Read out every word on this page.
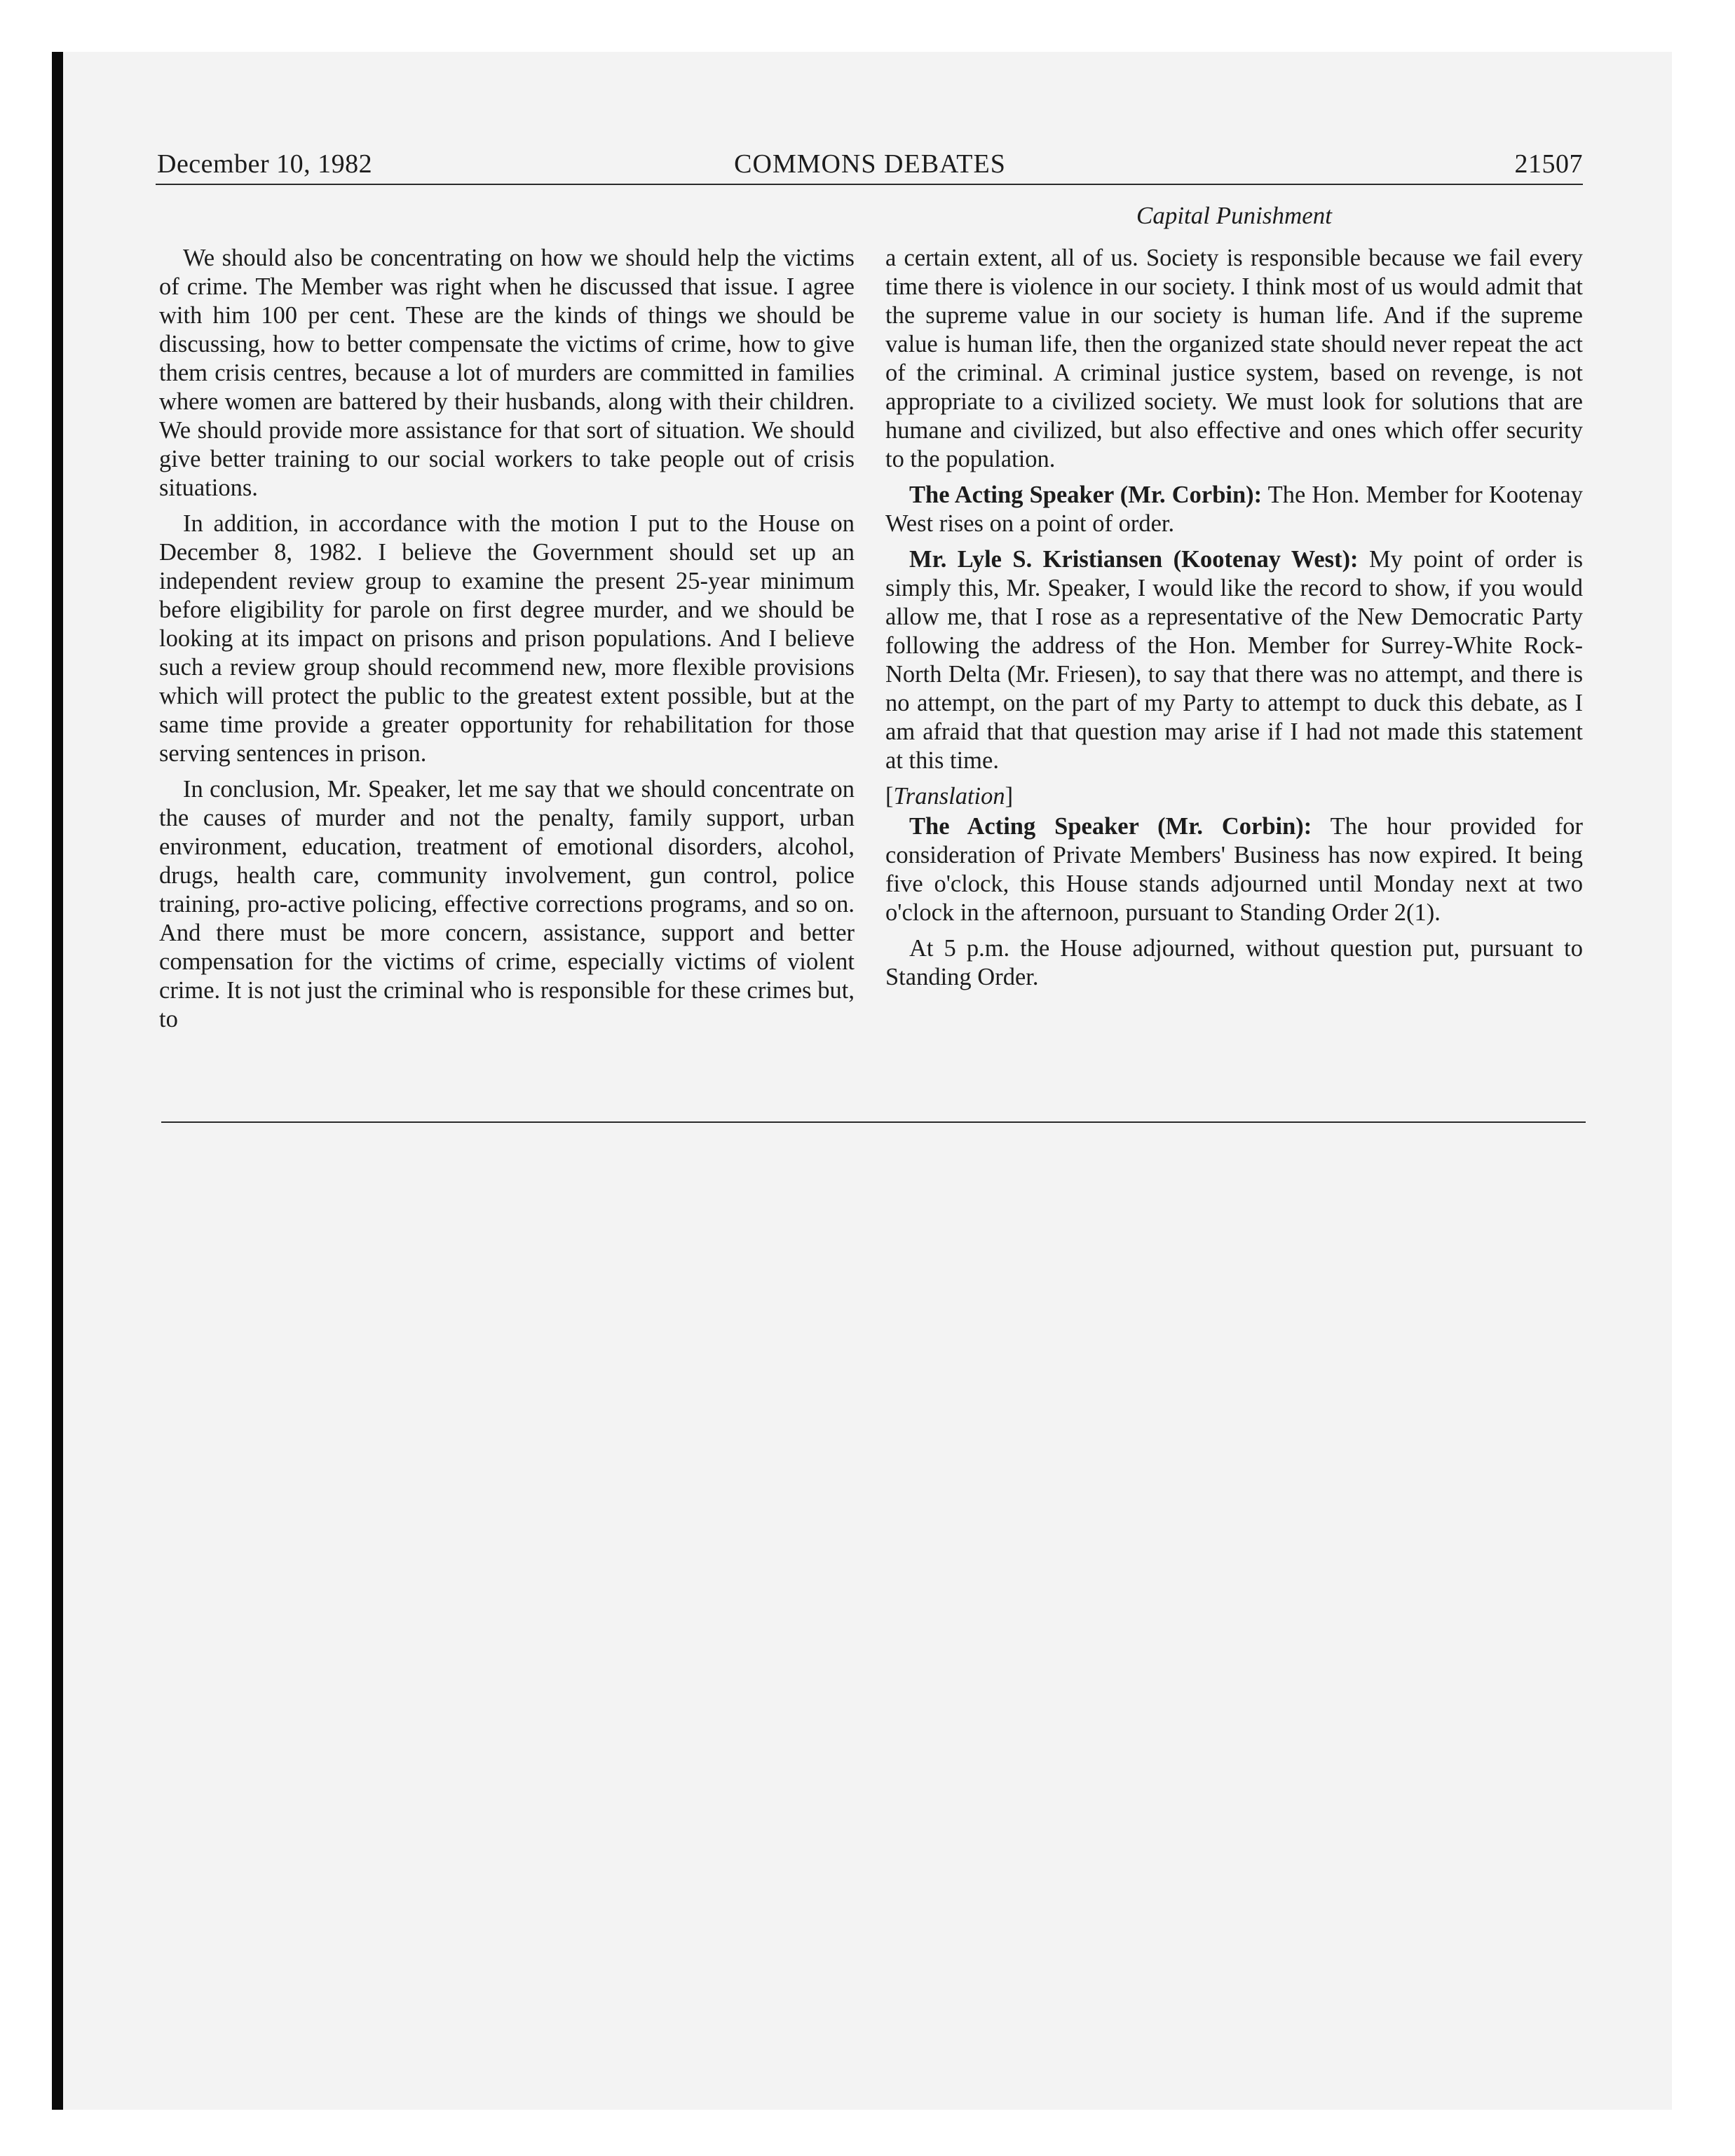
December 10, 1982	COMMONS DEBATES	21507
Capital Punishment

We should also be concentrating on how we should help the victims of crime. The Member was right when he discussed that issue. I agree with him 100 per cent. These are the kinds of things we should be discussing, how to better compensate the victims of crime, how to give them crisis centres, because a lot of murders are committed in families where women are battered by their husbands, along with their children. We should provide more assistance for that sort of situation. We should give better training to our social workers to take people out of crisis situations.

In addition, in accordance with the motion I put to the House on December 8, 1982. I believe the Government should set up an independent review group to examine the present 25-year minimum before eligibility for parole on first degree murder, and we should be looking at its impact on prisons and prison populations. And I believe such a review group should recommend new, more flexible provisions which will protect the public to the greatest extent possible, but at the same time provide a greater opportunity for rehabilitation for those serving sentences in prison.

In conclusion, Mr. Speaker, let me say that we should concentrate on the causes of murder and not the penalty, family support, urban environment, education, treatment of emotional disorders, alcohol, drugs, health care, community involvement, gun control, police training, pro-active policing, effective corrections programs, and so on. And there must be more concern, assistance, support and better compensation for the victims of crime, especially victims of violent crime. It is not just the criminal who is responsible for these crimes but, to

a certain extent, all of us. Society is responsible because we fail every time there is violence in our society. I think most of us would admit that the supreme value in our society is human life. And if the supreme value is human life, then the organized state should never repeat the act of the criminal. A criminal justice system, based on revenge, is not appropriate to a civilized society. We must look for solutions that are humane and civilized, but also effective and ones which offer security to the population.

The Acting Speaker (Mr. Corbin): The Hon. Member for Kootenay West rises on a point of order.

Mr. Lyle S. Kristiansen (Kootenay West): My point of order is simply this, Mr. Speaker, I would like the record to show, if you would allow me, that I rose as a representative of the New Democratic Party following the address of the Hon. Member for Surrey-White Rock-North Delta (Mr. Friesen), to say that there was no attempt, and there is no attempt, on the part of my Party to attempt to duck this debate, as I am afraid that that question may arise if I had not made this statement at this time.

[Translation]

The Acting Speaker (Mr. Corbin): The hour provided for consideration of Private Members' Business has now expired. It being five o'clock, this House stands adjourned until Monday next at two o'clock in the afternoon, pursuant to Standing Order 2(1).

At 5 p.m. the House adjourned, without question put, pursuant to Standing Order.
